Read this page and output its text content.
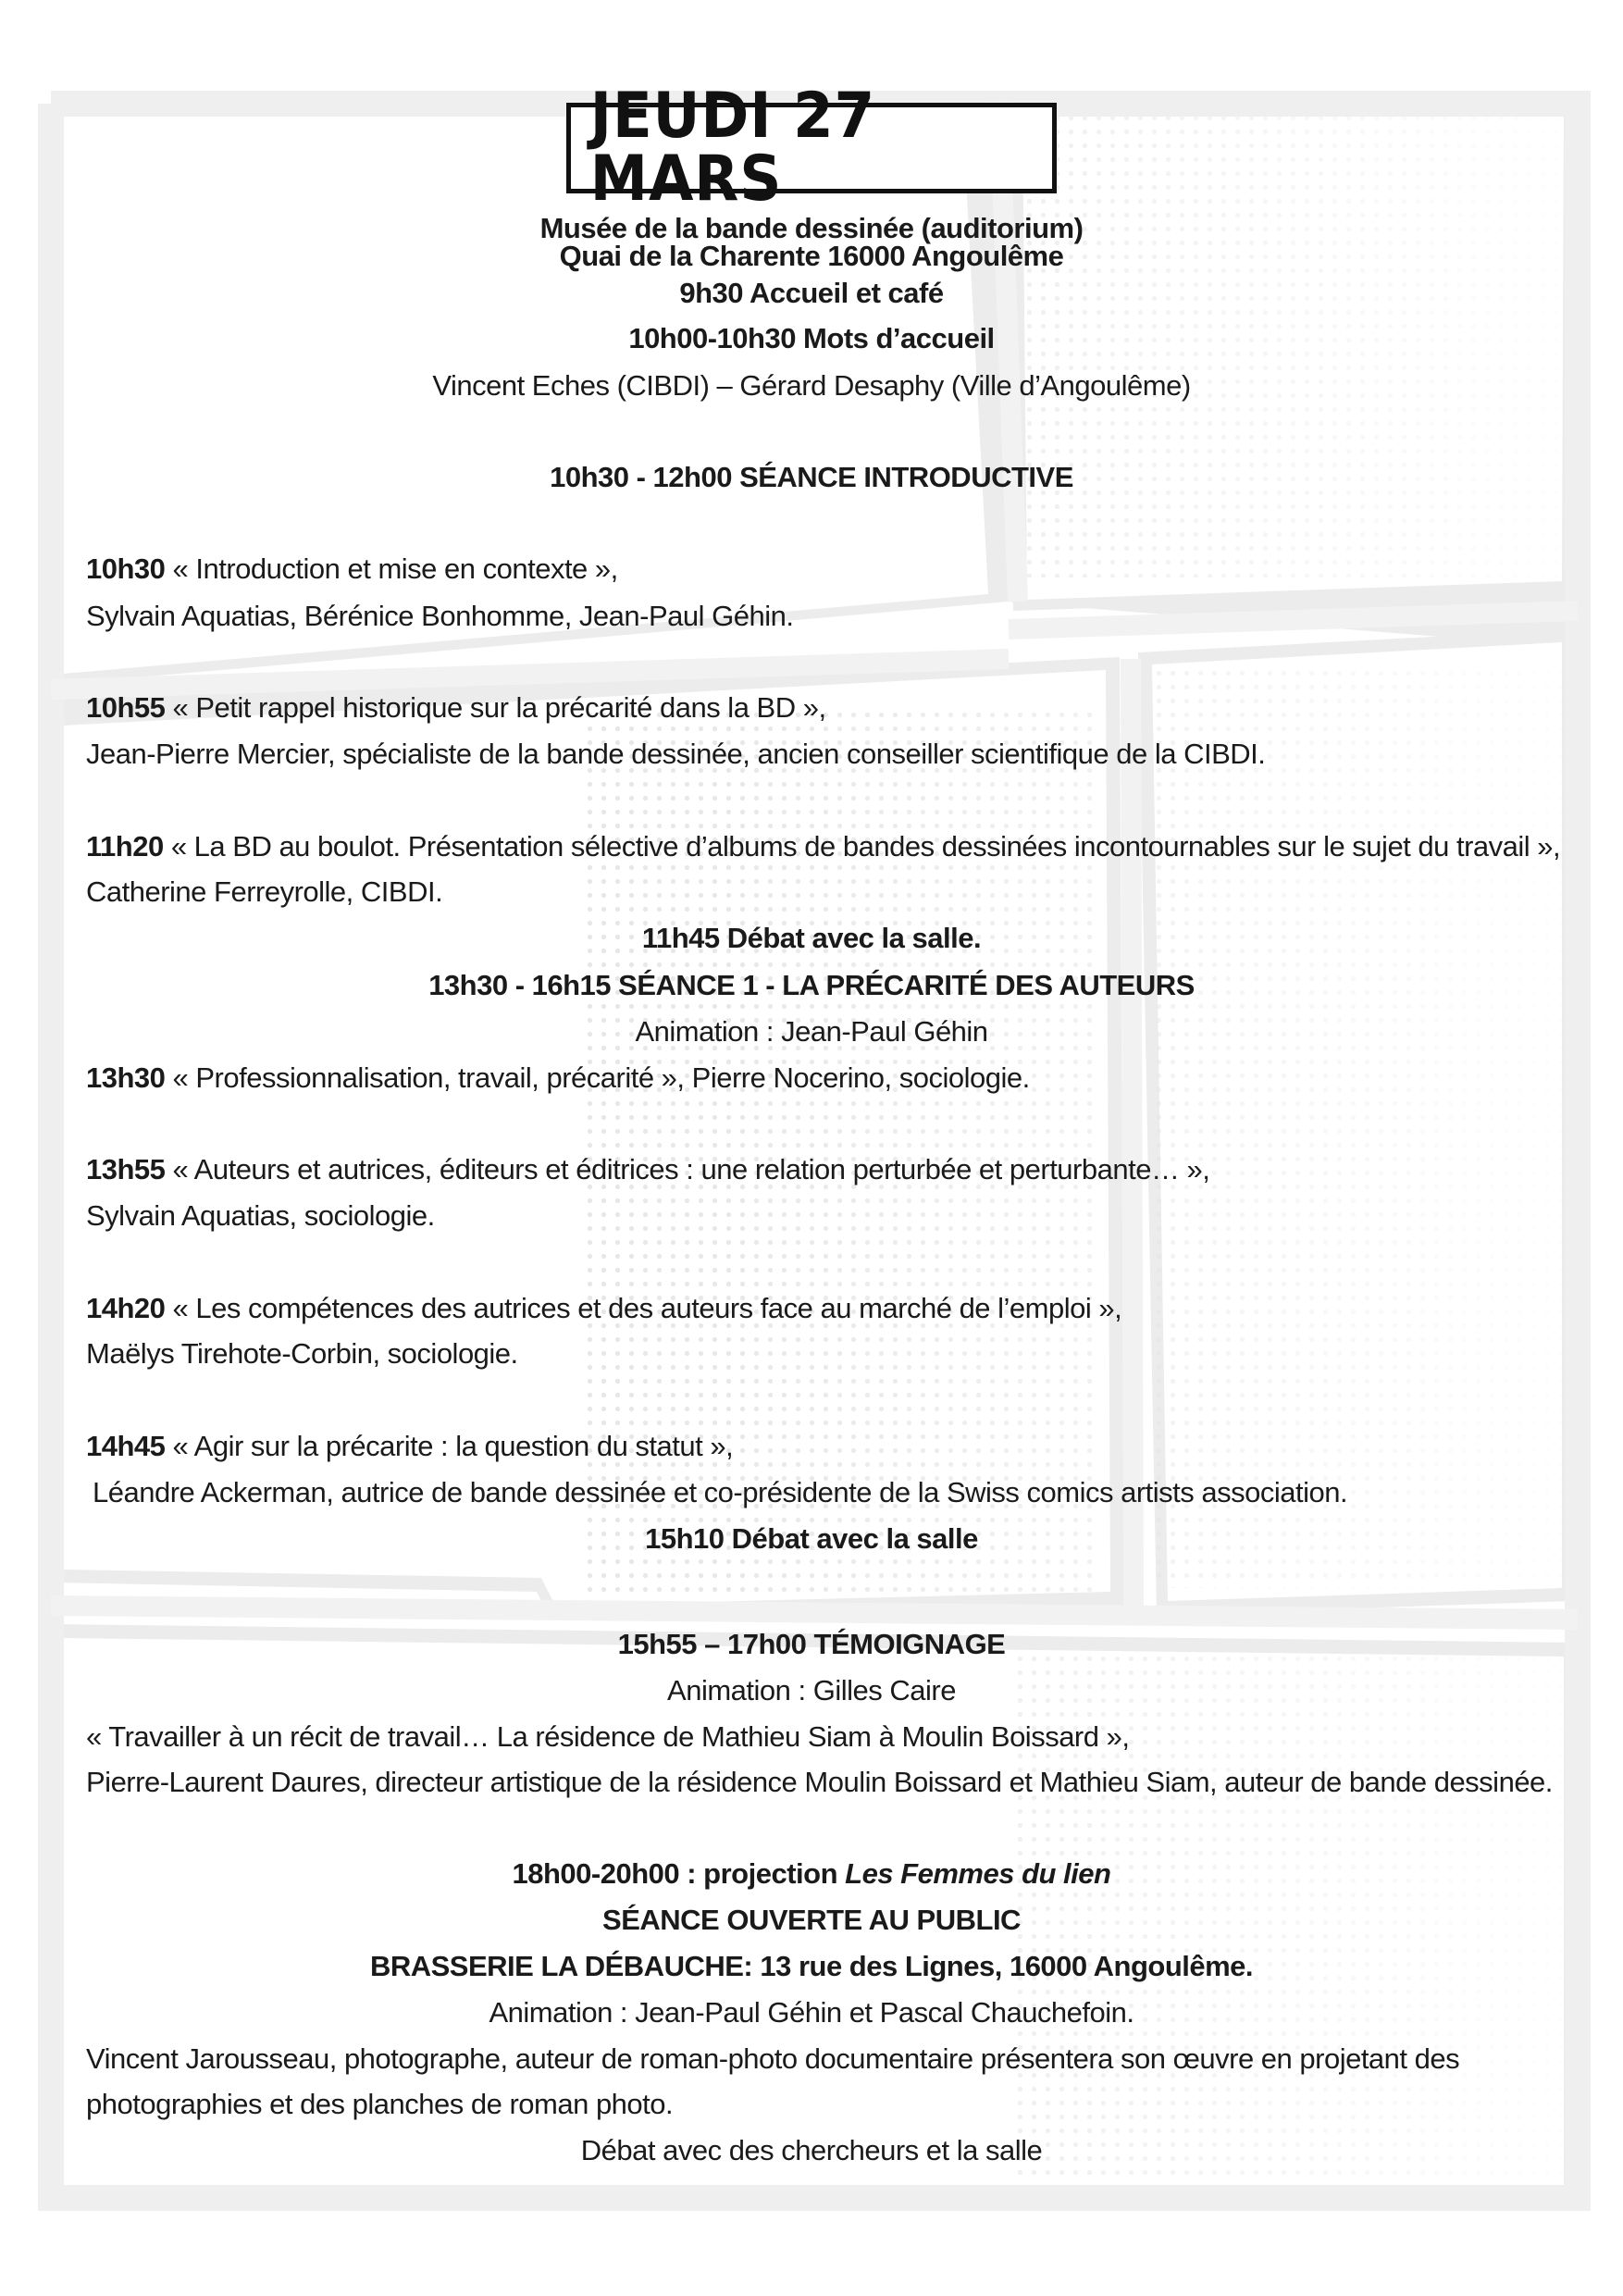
JEUDI 27 MARS
Musée de la bande dessinée (auditorium)
Quai de la Charente 16000 Angoulême
9h30 Accueil et café
10h00-10h30 Mots d’accueil
Vincent Eches (CIBDI) – Gérard Desaphy (Ville d’Angoulême)
10h30 - 12h00 SÉANCE INTRODUCTIVE
10h30 « Introduction et mise en contexte »,
Sylvain Aquatias, Bérénice Bonhomme, Jean-Paul Géhin.
10h55 « Petit rappel historique sur la précarité dans la BD »,
Jean-Pierre Mercier, spécialiste de la bande dessinée, ancien conseiller scientifique de la CIBDI.
11h20 « La BD au boulot. Présentation sélective d’albums de bandes dessinées incontournables sur le sujet du travail »,
Catherine Ferreyrolle, CIBDI.
11h45 Débat avec la salle.
13h30 - 16h15 SÉANCE 1 - LA PRÉCARITÉ DES AUTEURS
Animation : Jean-Paul Géhin
13h30 « Professionnalisation, travail, précarité », Pierre Nocerino, sociologie.
13h55 « Auteurs et autrices, éditeurs et éditrices : une relation perturbée et perturbante… »,
Sylvain Aquatias, sociologie.
14h20 « Les compétences des autrices et des auteurs face au marché de l’emploi »,
Maëlys Tirehote-Corbin, sociologie.
14h45 « Agir sur la précarite : la question du statut »,
Léandre Ackerman, autrice de bande dessinée et co-présidente de la Swiss comics artists association.
15h10 Débat avec la salle
15h55 – 17h00 TÉMOIGNAGE
Animation : Gilles Caire
« Travailler à un récit de travail… La résidence de Mathieu Siam à Moulin Boissard »,
Pierre-Laurent Daures, directeur artistique de la résidence Moulin Boissard et Mathieu Siam, auteur de bande dessinée.
18h00-20h00 : projection Les Femmes du lien
SÉANCE OUVERTE AU PUBLIC
BRASSERIE LA DÉBAUCHE: 13 rue des Lignes, 16000 Angoulême.
Animation : Jean-Paul Géhin et Pascal Chauchefoin.
Vincent Jarousseau, photographe, auteur de roman-photo documentaire présentera son œuvre en projetant des
photographies et des planches de roman photo.
Débat avec des chercheurs et la salle
